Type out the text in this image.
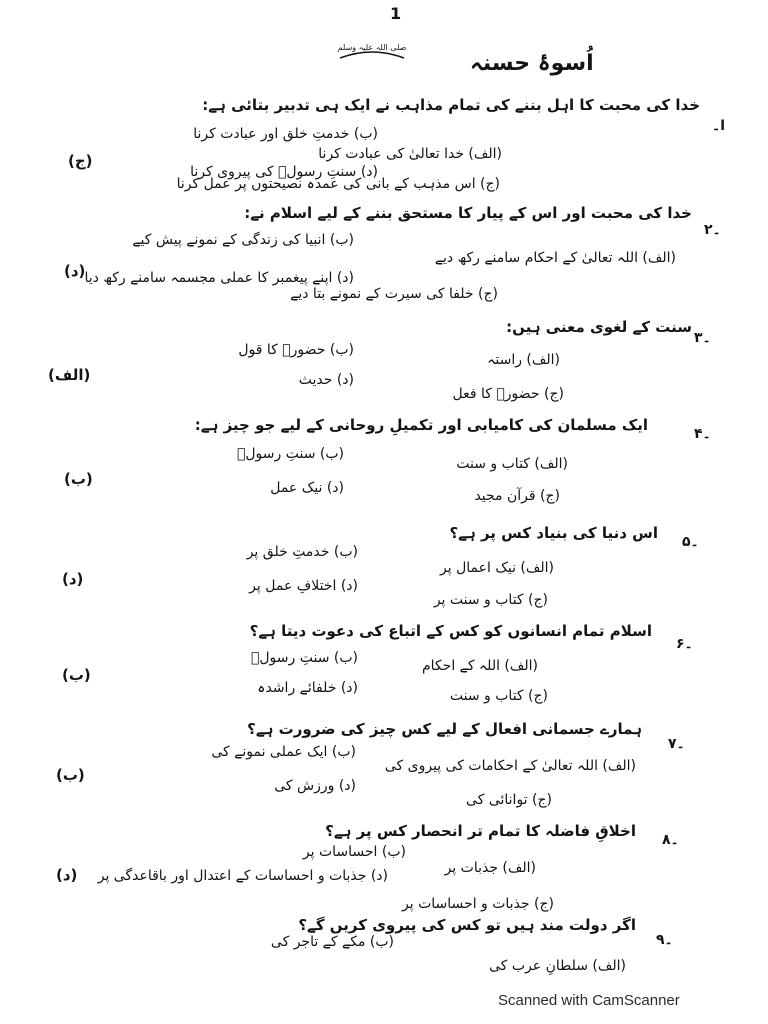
1
اُسوۂ حسنہ
صلی اللہ علیہ وسلم
ا۔
خدا کی محبت کا اہل بننے کی تمام مذاہب نے ایک ہی تدبیر بتائی ہے:
(ب) خدمتِ خلق اور عبادت کرنا
(الف) خدا تعالیٰ کی عبادت کرنا
(د) سنتِ رسولؐ کی پیروی کرنا
(ج) اس مذہب کے بانی کی عمدہ نصیحتوں پر عمل کرنا
(ج)
۲۔
خدا کی محبت اور اس کے پیار کا مستحق بننے کے لیے اسلام نے:
(ب) انبیا کی زندگی کے نمونے پیش کیے
(الف) اللہ تعالیٰ کے احکام سامنے رکھ دیے
(د) اپنے پیغمبر کا عملی مجسمہ سامنے رکھ دیا
(ج) خلفا کی سیرت کے نمونے بتا دیے
(د)
۳۔
سنت کے لغوی معنی ہیں:
(ب) حضورؐ کا قول
(الف) راستہ
(د) حدیث
(ج) حضورؐ کا فعل
(الف)
۴۔
ایک مسلمان کی کامیابی اور تکمیلِ روحانی کے لیے جو چیز ہے:
(ب) سنتِ رسولؐ
(الف) کتاب و سنت
(د) نیک عمل	(ج) قرآن مجید
(ب)
۵۔
اس دنیا کی بنیاد کس پر ہے؟
(ب) خدمتِ خلق پر
(الف) نیک اعمال پر
(د) اختلافِ عمل پر
(ج) کتاب و سنت پر
(د)
۶۔
اسلام تمام انسانوں کو کس کے اتباع کی دعوت دیتا ہے؟
(ب) سنتِ رسولؐ	(الف) اللہ کے احکام
(د) خلفائے راشدہ	(ج) کتاب و سنت
(ب)
۷۔
ہمارے جسمانی افعال کے لیے کس چیز کی ضرورت ہے؟
(ب) ایک عملی نمونے کی
(الف) اللہ تعالیٰ کے احکامات کی پیروی کی
(د) ورزش کی
(ج) توانائی کی
(ب)
۸۔
اخلاقِ فاضلہ کا تمام تر انحصار کس پر ہے؟
(ب) احساسات پر
(الف) جذبات پر
(د) جذبات و احساسات کے اعتدال اور باقاعدگی پر
(ج) جذبات و احساسات پر
(د)
۹۔
اگر دولت مند ہیں تو کس کی پیروی کریں گے؟
(ب) مکے کے تاجر کی
(الف) سلطانِ عرب کی
Scanned with CamScanner
